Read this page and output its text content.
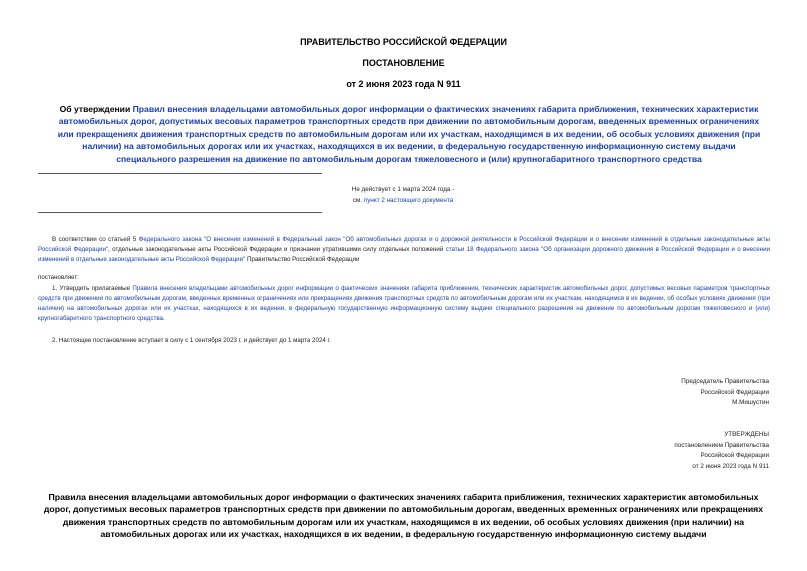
ПРАВИТЕЛЬСТВО РОССИЙСКОЙ ФЕДЕРАЦИИ
ПОСТАНОВЛЕНИЕ
от 2 июня 2023 года N 911
Об утверждении Правил внесения владельцами автомобильных дорог информации о фактических значениях габарита приближения, технических характеристик автомобильных дорог, допустимых весовых параметров транспортных средств при движении по автомобильным дорогам, введенных временных ограничениях или прекращениях движения транспортных средств по автомобильным дорогам или их участкам, находящимся в их ведении, об особых условиях движения (при наличии) на автомобильных дорогах или их участках, находящихся в их ведении, в федеральную государственную информационную систему выдачи специального разрешения на движение по автомобильным дорогам тяжеловесного и (или) крупногабаритного транспортного средства
Не действует с 1 марта 2024 года -
см. пункт 2 настоящего документа
В соответствии со статьей 5 Федерального закона "О внесении изменений в Федеральный закон "Об автомобильных дорогах и о дорожной деятельности в Российской Федерации и о внесении изменений в отдельные законодательные акты Российской Федерации", отдельные законодательные акты Российской Федерации и признании утратившими силу отдельных положений статьи 18 Федерального закона "Об организации дорожного движения в Российской Федерации и о внесении изменений в отдельные законодательные акты Российской Федерации" Правительство Российской Федерации
постановляет:
1. Утвердить прилагаемые Правила внесения владельцами автомобильных дорог информации о фактических значениях габарита приближения, технических характеристик автомобильных дорог, допустимых весовых параметров транспортных средств при движении по автомобильным дорогам, введенных временных ограничениях или прекращениях движения транспортных средств по автомобильным дорогам или их участкам, находящимся в их ведении, об особых условиях движения (при наличии) на автомобильных дорогах или их участках, находящихся в их ведении, в федеральную государственную информационную систему выдачи специального разрешения на движение по автомобильным дорогам тяжеловесного и (или) крупногабаритного транспортного средства.
2. Настоящее постановление вступает в силу с 1 сентября 2023 г. и действует до 1 марта 2024 г.
Председатель Правительства
Российской Федерации
М.Мишустин
УТВЕРЖДЕНЫ
постановлением Правительства
Российской Федерации
от 2 июня 2023 года N 911
Правила внесения владельцами автомобильных дорог информации о фактических значениях габарита приближения, технических характеристик автомобильных дорог, допустимых весовых параметров транспортных средств при движении по автомобильным дорогам, введенных временных ограничениях или прекращениях движения транспортных средств по автомобильным дорогам или их участкам, находящимся в их ведении, об особых условиях движения (при наличии) на автомобильных дорогах или их участках, находящихся в их ведении, в федеральную государственную информационную систему выдачи
